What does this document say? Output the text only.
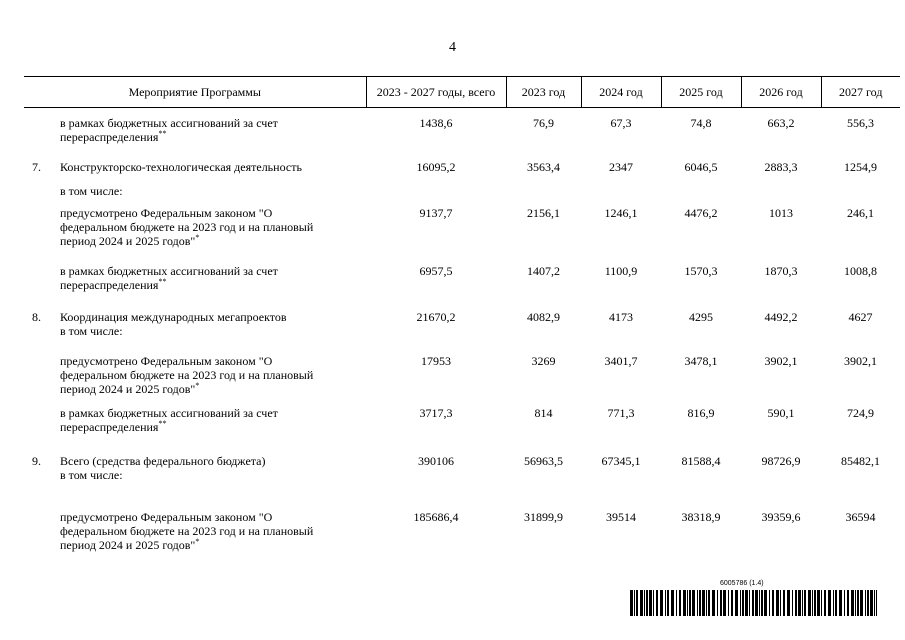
4
Мероприятие Программы	2023 - 2027 годы, всего	2023 год	2024 год	2025 год	2026 год	2027 год

в рамках бюджетных ассигнований за счет перераспределения**	1438,6	76,9	67,3	74,8	663,2	556,3

7. Конструкторско-технологическая деятельность	16095,2	3563,4	2347	6046,5	2883,3	1254,9

в том числе:						

предусмотрено Федеральным законом "О федеральном бюджете на 2023 год и на плановый период 2024 и 2025 годов"*	9137,7	2156,1	1246,1	4476,2	1013	246,1

в рамках бюджетных ассигнований за счет перераспределения**	6957,5	1407,2	1100,9	1570,3	1870,3	1008,8

8. Координация международных мегапроектов	21670,2	4082,9	4173	4295	4492,2	4627

в том числе:						

предусмотрено Федеральным законом "О федеральном бюджете на 2023 год и на плановый период 2024 и 2025 годов"*	17953	3269	3401,7	3478,1	3902,1	3902,1

в рамках бюджетных ассигнований за счет перераспределения**	3717,3	814	771,3	816,9	590,1	724,9

9. Всего (средства федерального бюджета)	390106	56963,5	67345,1	81588,4	98726,9	85482,1

в том числе:						

предусмотрено Федеральным законом "О федеральном бюджете на 2023 год и на плановый период 2024 и 2025 годов"*	185686,4	31899,9	39514	38318,9	39359,6	36594
6005786 (1.4)
